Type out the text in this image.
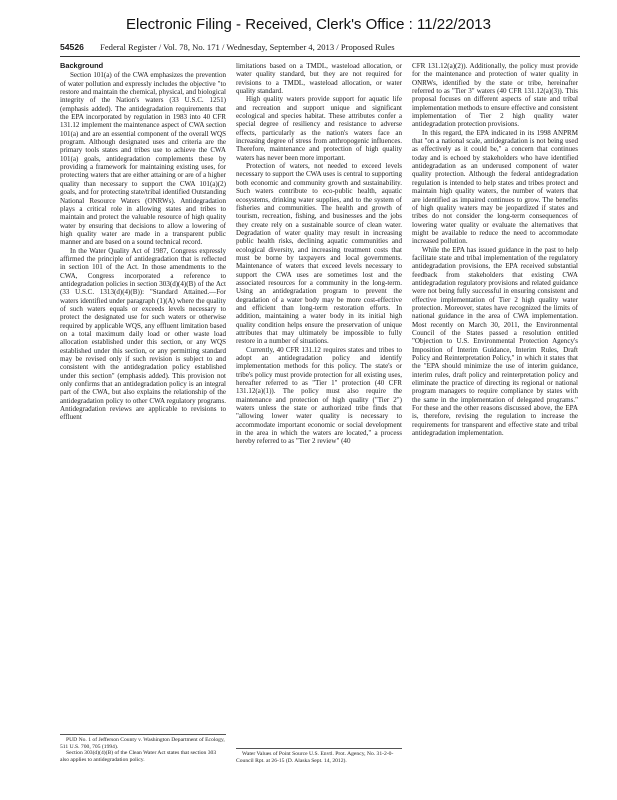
Electronic Filing - Received, Clerk's Office : 11/22/2013
54526 Federal Register / Vol. 78, No. 171 / Wednesday, September 4, 2013 / Proposed Rules
Background

Section 101(a) of the CWA emphasizes the prevention of water pollution and expressly includes the objective "to restore and maintain the chemical, physical, and biological integrity of the Nation's waters (33 U.S.C. 1251) (emphasis added). The antidegradation requirements that the EPA incorporated by regulation in 1983 into 40 CFR 131.12 implement the maintenance aspect of CWA section 101(a) and are an essential component of the overall WQS program. Although designated uses and criteria are the primary tools states and tribes use to achieve the CWA 101(a) goals, antidegradation complements these by providing a framework for maintaining existing uses, for protecting waters that are either attaining or are of a higher quality than necessary to support the CWA 101(a)(2) goals, and for protecting state/tribal identified Outstanding National Resource Waters (ONRWs). Antidegradation plays a critical role in allowing states and tribes to maintain and protect the valuable resource of high quality water by ensuring that decisions to allow a lowering of high quality water are made in a transparent public manner and are based on a sound technical record.

In the Water Quality Act of 1987, Congress expressly affirmed the principle of antidegradation that is reflected in section 101 of the Act. In those amendments to the CWA, Congress incorporated a reference to antidegradation policies in section 303(d)(4)(B) of the Act (33 U.S.C. 1313(d)(4)(B)): "Standard Attained.—For waters identified under paragraph (1)(A) where the quality of such waters equals or exceeds levels necessary to protect the designated use for such waters or otherwise required by applicable WQS, any effluent limitation based on a total maximum daily load or other waste load allocation established under this section, or any WQS established under this section, or any permitting standard may be revised only if such revision is subject to and consistent with the antidegradation policy established under this section" (emphasis added). This provision not only confirms that an antidegradation policy is an integral part of the CWA, but also explains the relationship of the antidegradation policy to other CWA regulatory programs. Antidegradation reviews are applicable to revisions to effluent

limitations based on a TMDL, wasteload allocation, or water quality standard, but they are not required for revisions to a TMDL, wasteload allocation, or water quality standard.

High quality waters provide support for aquatic life and recreation and support unique and significant ecological and species habitat. These attributes confer a special degree of resiliency and resistance to adverse effects, particularly as the nation's waters face an increasing degree of stress from anthropogenic influences. Therefore, maintenance and protection of high quality waters has never been more important.

Protection of waters, not needed to exceed levels necessary to support the CWA uses is central to supporting both economic and community growth and sustainability. Such waters contribute to eco-public health, aquatic ecosystems, drinking water supplies, and to the system of fisheries and communities. The health and growth of tourism, recreation, fishing, and businesses and the jobs they create rely on a sustainable source of clean water. Degradation of water quality may result in increasing public health risks, declining aquatic communities and ecological diversity, and increasing treatment costs that must be borne by taxpayers and local governments. Maintenance of waters that exceed levels necessary to support the CWA uses are sometimes lost and the associated resources for a community in the long-term. Using an antidegradation program to prevent the degradation of a water body may be more cost-effective and efficient than long-term restoration efforts. In addition, maintaining a water body in its initial high quality condition helps ensure the preservation of unique attributes that may ultimately be impossible to fully restore in a number of situations.

Currently, 40 CFR 131.12 requires states and tribes to adopt an antidegradation policy and identify implementation methods for this policy. The state's or tribe's policy must provide protection for all existing uses, hereafter referred to as "Tier 1" protection (40 CFR 131.12(a)(1)). The policy must also require the maintenance and protection of high quality ("Tier 2") waters unless the state or authorized tribe finds that "allowing lower water quality is necessary to accommodate important economic or social development in the area in which the waters are located," a process hereby referred to as "Tier 2 review" (40

CFR 131.12(a)(2)). Additionally, the policy must provide for the maintenance and protection of water quality in ONRWs, identified by the state or tribe, hereinafter referred to as "Tier 3" waters (40 CFR 131.12(a)(3)). This proposal focuses on different aspects of state and tribal implementation methods to ensure effective and consistent implementation of Tier 2 high quality water antidegradation protection provisions.

In this regard, the EPA indicated in its 1998 ANPRM that "on a national scale, antidegradation is not being used as effectively as it could be," a concern that continues today and is echoed by stakeholders who have identified antidegradation as an underused component of water quality protection. Although the federal antidegradation regulation is intended to help states and tribes protect and maintain high quality waters, the number of waters that are identified as impaired continues to grow. The benefits of high quality waters may be jeopardized if states and tribes do not consider the long-term consequences of lowering water quality or evaluate the alternatives that might be available to reduce the need to accommodate increased pollution.

While the EPA has issued guidance in the past to help facilitate state and tribal implementation of the regulatory antidegradation provisions, the EPA received substantial feedback from stakeholders that existing CWA antidegradation regulatory provisions and related guidance were not being fully successful in ensuring consistent and effective implementation of Tier 2 high quality water protection. Moreover, states have recognized the limits of national guidance in the area of CWA implementation. Most recently on March 30, 2011, the Environmental Council of the States passed a resolution entitled "Objection to U.S. Environmental Protection Agency's Imposition of Interim Guidance, Interim Rules, Draft Policy and Reinterpretation Policy," in which it states that the "EPA should minimize the use of interim guidance, interim rules, draft policy and reinterpretation policy and eliminate the practice of directing its regional or national program managers to require compliance by states with the same in the implementation of delegated programs." For these and the other reasons discussed above, the EPA is, therefore, revising the regulation to increase the requirements for transparent and effective state and tribal antidegradation implementation.

PUD No. 1 of Jefferson County v. Washington Department of Ecology, 511 U.S. 700, 705 (1994).

Section 303(d)(4)(B) of the Clean Water Act states that section 303 also applies to antidegradation policy.

Water Values of Point Source U.S. Envtl. Prot. Agency, No. 31-2-0-Council Rpt. at 26-15 (D. Alaska Sept. 14, 2012).
